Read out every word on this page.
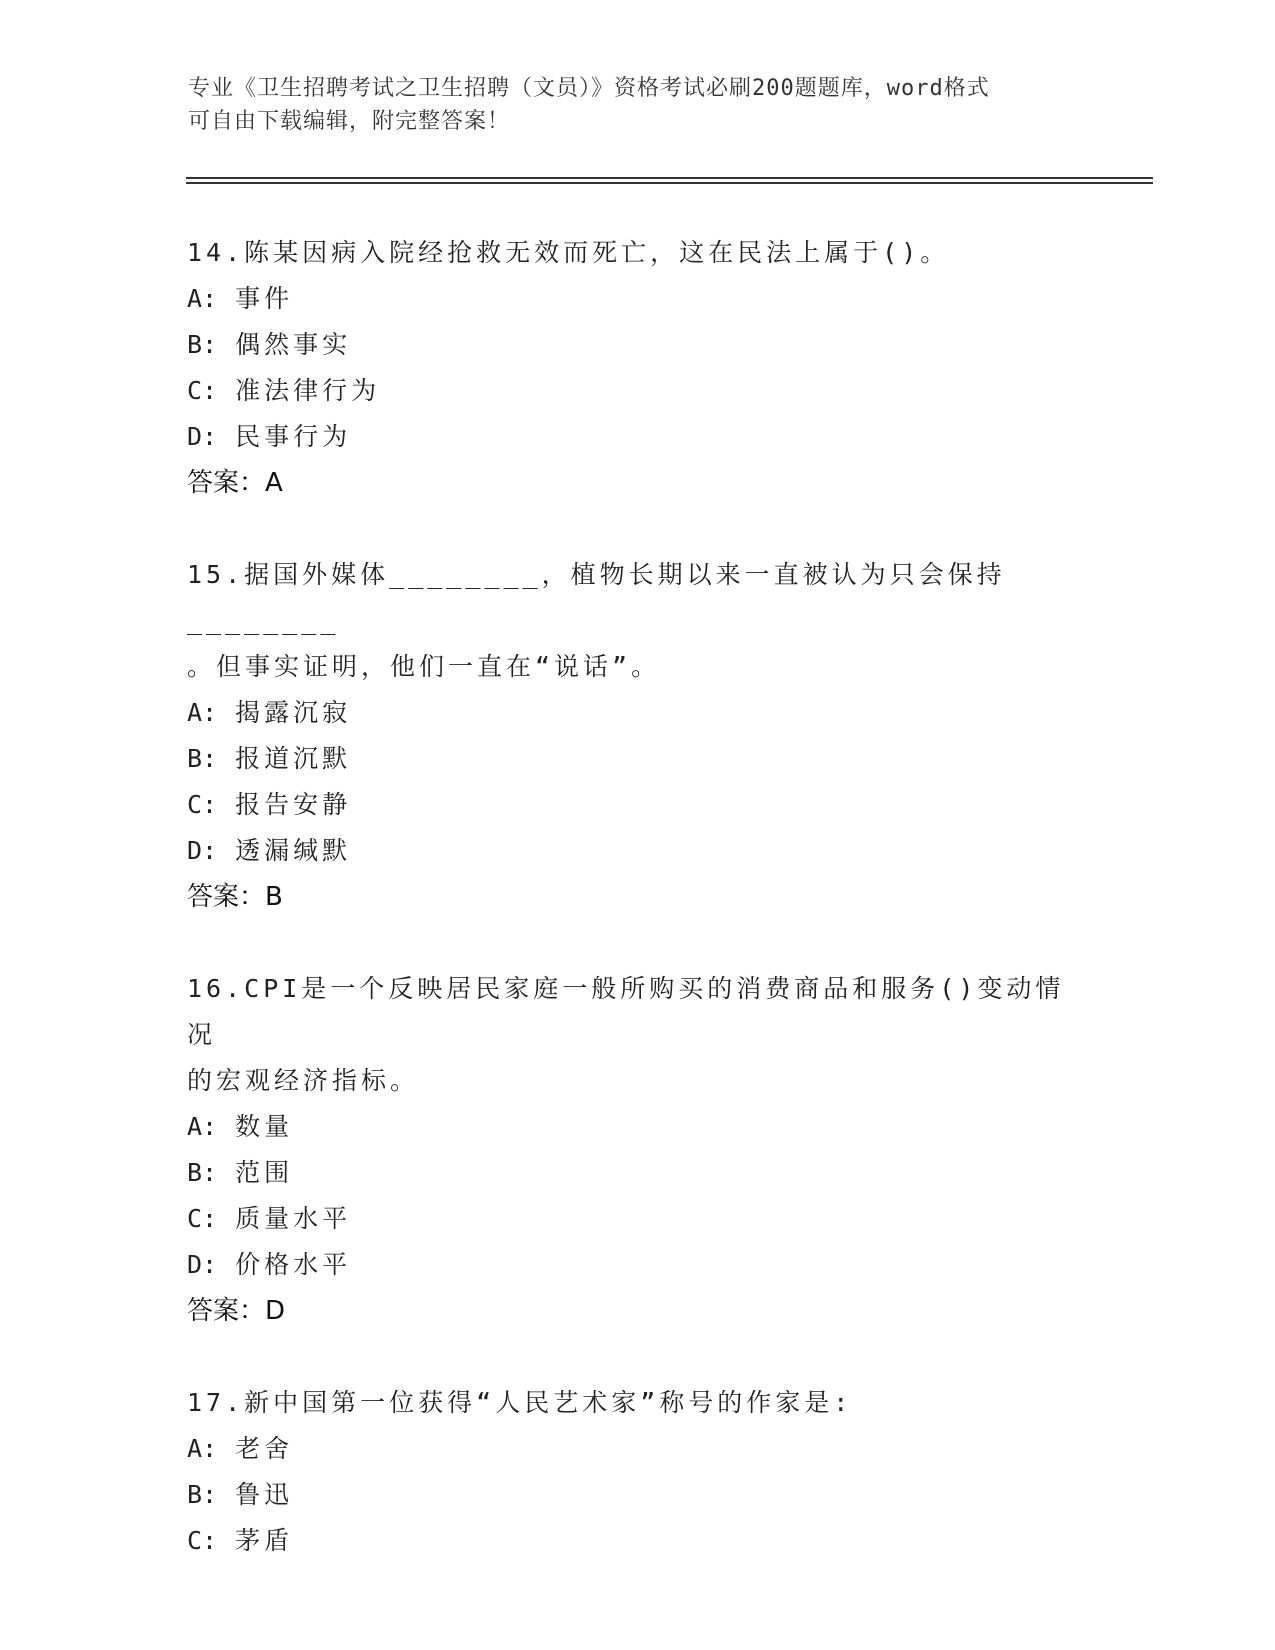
专业《卫生招聘考试之卫生招聘（文员）》资格考试必刷200题题库，word格式
可自由下载编辑，附完整答案！

14.陈某因病入院经抢救无效而死亡，这在民法上属于()。

A: 事件

B: 偶然事实

C: 准法律行为

D: 民事行为

答案：A

15.据国外媒体________，植物长期以来一直被认为只会保持________

。但事实证明，他们一直在“说话”。

A: 揭露沉寂

B: 报道沉默

C: 报告安静

D: 透漏缄默

答案：B

16.CPI是一个反映居民家庭一般所购买的消费商品和服务()变动情况

的宏观经济指标。

A: 数量

B: 范围

C: 质量水平

D: 价格水平

答案：D

17.新中国第一位获得“人民艺术家”称号的作家是:

A: 老舍

B: 鲁迅

C: 茅盾
